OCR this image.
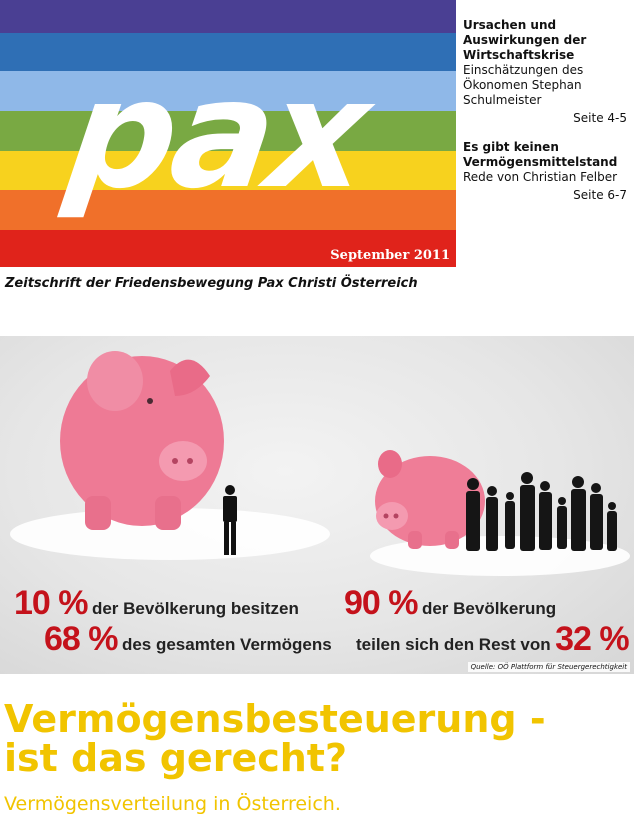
pax
September 2011
Zeitschrift der Friedensbewegung Pax Christi Österreich
Ursachen und Auswirkungen der Wirtschaftskrise
Einschätzungen des Ökonomen Stephan Schulmeister
Seite 4-5
Es gibt keinen Vermögensmittelstand
Rede von Christian Felber
Seite 6-7
10 % der Bevölkerung besitzen
68 % des gesamten Vermögens
90 % der Bevölkerung
teilen sich den Rest von 32 %
Quelle: OÖ Plattform für Steuergerechtigkeit
Vermögensbesteuerung -
ist das gerecht?
Vermögensverteilung in Österreich.
